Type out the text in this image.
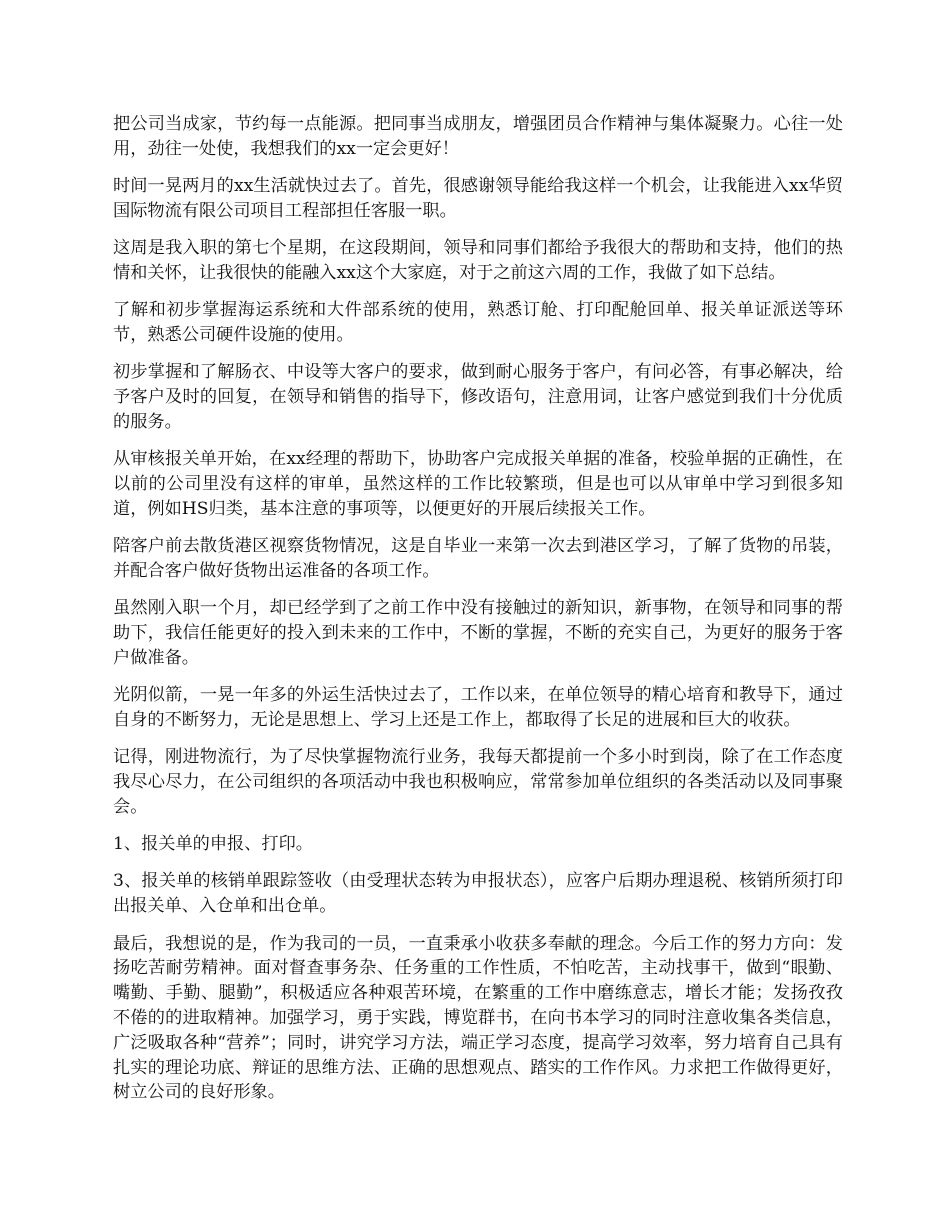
把公司当成家，节约每一点能源。把同事当成朋友，增强团员合作精神与集体凝聚力。心往一处用，劲往一处使，我想我们的xx一定会更好！

时间一晃两月的xx生活就快过去了。首先，很感谢领导能给我这样一个机会，让我能进入xx华贸国际物流有限公司项目工程部担任客服一职。

这周是我入职的第七个星期，在这段期间，领导和同事们都给予我很大的帮助和支持，他们的热情和关怀，让我很快的能融入xx这个大家庭，对于之前这六周的工作，我做了如下总结。

了解和初步掌握海运系统和大件部系统的使用，熟悉订舱、打印配舱回单、报关单证派送等环节，熟悉公司硬件设施的使用。

初步掌握和了解肠衣、中设等大客户的要求，做到耐心服务于客户，有问必答，有事必解决，给予客户及时的回复，在领导和销售的指导下，修改语句，注意用词，让客户感觉到我们十分优质的服务。

从审核报关单开始，在xx经理的帮助下，协助客户完成报关单据的准备，校验单据的正确性，在以前的公司里没有这样的审单，虽然这样的工作比较繁琐，但是也可以从审单中学习到很多知道，例如HS归类，基本注意的事项等，以便更好的开展后续报关工作。

陪客户前去散货港区视察货物情况，这是自毕业一来第一次去到港区学习，了解了货物的吊装，并配合客户做好货物出运准备的各项工作。

虽然刚入职一个月，却已经学到了之前工作中没有接触过的新知识，新事物，在领导和同事的帮助下，我信任能更好的投入到未来的工作中，不断的掌握，不断的充实自己，为更好的服务于客户做准备。

光阴似箭，一晃一年多的外运生活快过去了，工作以来，在单位领导的精心培育和教导下，通过自身的不断努力，无论是思想上、学习上还是工作上，都取得了长足的进展和巨大的收获。

记得，刚进物流行，为了尽快掌握物流行业务，我每天都提前一个多小时到岗，除了在工作态度我尽心尽力，在公司组织的各项活动中我也积极响应，常常参加单位组织的各类活动以及同事聚会。

1、报关单的申报、打印。

3、报关单的核销单跟踪签收（由受理状态转为申报状态），应客户后期办理退税、核销所须打印出报关单、入仓单和出仓单。

最后，我想说的是，作为我司的一员，一直秉承小收获多奉献的理念。今后工作的努力方向：发扬吃苦耐劳精神。面对督查事务杂、任务重的工作性质，不怕吃苦，主动找事干，做到“眼勤、嘴勤、手勤、腿勤”，积极适应各种艰苦环境，在繁重的工作中磨练意志，增长才能；发扬孜孜不倦的的进取精神。加强学习，勇于实践，博览群书，在向书本学习的同时注意收集各类信息，广泛吸取各种“营养”；同时，讲究学习方法，端正学习态度，提高学习效率，努力培育自己具有扎实的理论功底、辩证的思维方法、正确的思想观点、踏实的工作作风。力求把工作做得更好，树立公司的良好形象。
